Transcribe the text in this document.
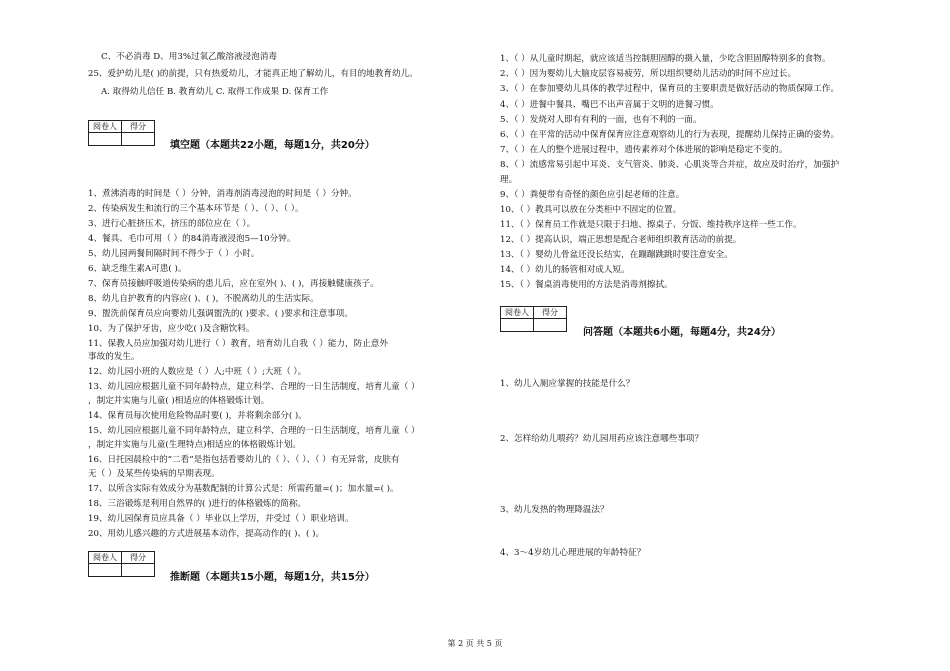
C、不必消毒 D、用3%过氧乙酸溶液浸泡消毒
25、爱护幼儿是( )的前提，只有热爱幼儿，才能真正地了解幼儿，有目的地教育幼儿。
A. 取得幼儿信任 B. 教育幼儿 C. 取得工作成果 D. 保育工作
阅卷人	得分

填空题（本题共22小题，每题1分，共20分）
1、煮沸消毒的时间是（ ）分钟，消毒剂消毒浸泡的时间是（ ）分钟。
2、传染病发生和流行的三个基本环节是（ ）、（ ）、（ ）。
3、进行心脏挤压术，挤压的部位应在（ ）。
4、餐具、毛巾可用（ ）的84消毒液浸泡5—10分钟。
5、幼儿园两餐间隔时间不得少于（ ）小时。
6、缺乏维生素A可患( )。
7、保育员接触呼吸道传染病的患儿后，应在室外( )、( )，再接触健康孩子。
8、幼儿自护教育的内容应( )、( )，不脱离幼儿的生活实际。
9、盥洗前保育员应向婴幼儿强调盥洗的( )要求、( )要求和注意事项。
10、为了保护牙齿，应少吃( )及含糖饮料。
11、保教人员应加强对幼儿进行（ ）教育，培育幼儿自我（ ）能力，防止意外
事故的发生。
12、幼儿园小班的人数应是（ ）人;中班（ ）;大班（ ）。
13、幼儿园应根据儿童不同年龄特点，建立科学、合理的一日生活制度，培育儿童（ ）
，制定并实施与儿童( )相适应的体格锻炼计划。
14、保育员每次使用危险物品时要( )，并将剩余部分( )。
15、幼儿园应根据儿童不同年龄特点，建立科学、合理的一日生活制度，培育儿童（ ）
，制定并实施与儿童(生理特点)相适应的体格锻炼计划。
16、日托园晨检中的“二看”是指包括看婴幼儿的（ ）、（ ）、（ ）有无异常，皮肤有
无（ ）及某些传染病的早期表现。
17、以所含实际有效成分为基数配制的计算公式是：所需药量=( )；加水量=( )。
18、三浴锻炼是利用自然界的( )进行的体格锻炼的简称。
19、幼儿园保育员应具备（ ）毕业以上学历，并受过（ ）职业培训。
20、用幼儿感兴趣的方式进展基本动作，提高动作的( )、( )。
阅卷人	得分

推断题（本题共15小题，每题1分，共15分）
1、（ ）从儿童时期起，就应该适当控制胆固醇的摄入量，少吃含胆固醇特别多的食物。
2、（ ）因为婴幼儿大脑皮层容易疲劳，所以组织婴幼儿活动的时间不应过长。
3、（ ）在参加婴幼儿具体的教学过程中，保育员的主要职责是做好活动的物质保障工作。
4、（ ）进餐中餐具、嘴巴不出声音属于文明的进餐习惯。
5、（ ）发烧对人即有有利的一面，也有不利的一面。
6、（ ）在平常的活动中保育保育应注意观察幼儿的行为表现，提醒幼儿保持正确的姿势。
7、（ ）在人的整个进展过程中，遗传素养对个体进展的影响是稳定不变的。
8、（ ）流感常易引起中耳炎、支气管炎、肺炎、心肌炎等合并症，故应及时治疗，加强护
理。
9、（ ）粪便带有奇怪的颜色应引起老师的注意。
10、（ ）教具可以放在分类柜中不固定的位置。
11、（ ）保育员工作就是只限于扫地、擦桌子、分饭、维持秩序这样一些工作。
12、（ ）提高认识，端正思想是配合老师组织教育活动的前提。
13、（ ）婴幼儿骨盆还没长结实，在蹦蹦跳跳时要注意安全。
14、（ ）幼儿的肠管相对成人短。
15、（ ）餐桌消毒使用的方法是消毒剂擦拭。
阅卷人	得分

问答题（本题共6小题，每题4分，共24分）
1、幼儿入厕应掌握的技能是什么？
2、怎样给幼儿喂药？幼儿园用药应该注意哪些事项？
3、幼儿发热的物理降温法？
4、3～4岁幼儿心理进展的年龄特征？
第 2 页 共 5 页
